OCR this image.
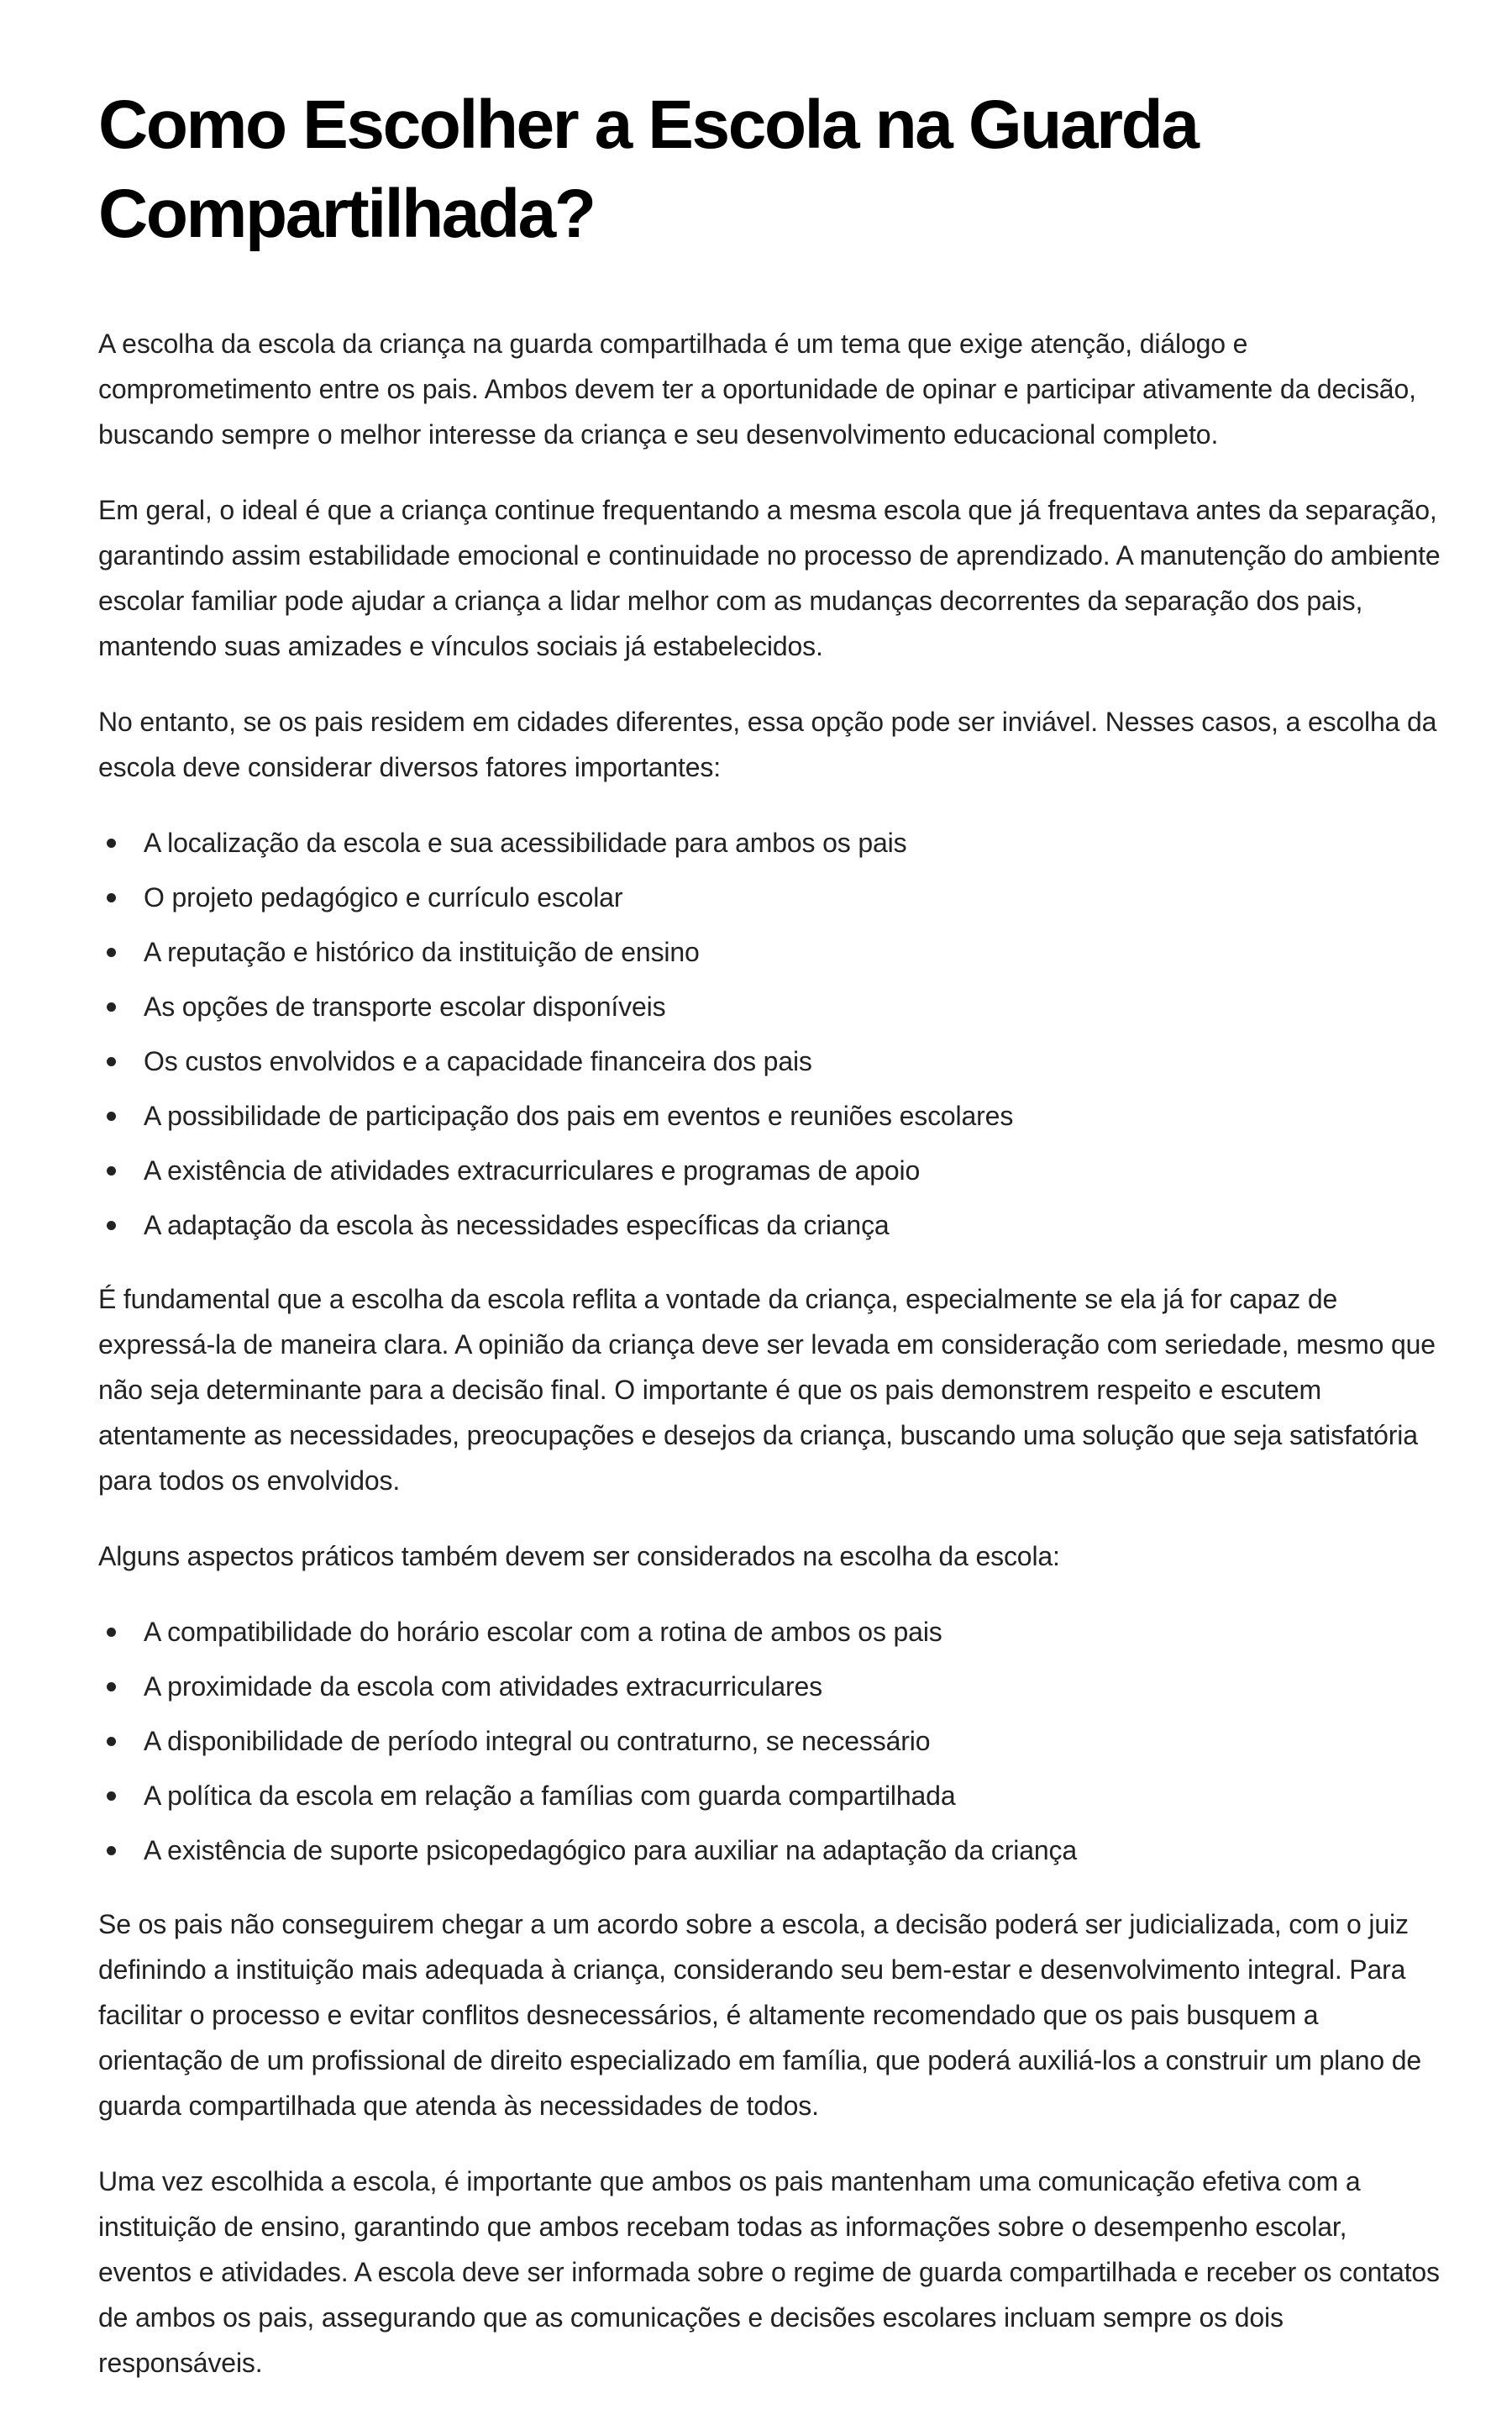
Como Escolher a Escola na Guarda Compartilhada?

A escolha da escola da criança na guarda compartilhada é um tema que exige atenção, diálogo e comprometimento entre os pais. Ambos devem ter a oportunidade de opinar e participar ativamente da decisão, buscando sempre o melhor interesse da criança e seu desenvolvimento educacional completo.

Em geral, o ideal é que a criança continue frequentando a mesma escola que já frequentava antes da separação, garantindo assim estabilidade emocional e continuidade no processo de aprendizado. A manutenção do ambiente escolar familiar pode ajudar a criança a lidar melhor com as mudanças decorrentes da separação dos pais, mantendo suas amizades e vínculos sociais já estabelecidos.

No entanto, se os pais residem em cidades diferentes, essa opção pode ser inviável. Nesses casos, a escolha da escola deve considerar diversos fatores importantes:

A localização da escola e sua acessibilidade para ambos os pais
O projeto pedagógico e currículo escolar
A reputação e histórico da instituição de ensino
As opções de transporte escolar disponíveis
Os custos envolvidos e a capacidade financeira dos pais
A possibilidade de participação dos pais em eventos e reuniões escolares
A existência de atividades extracurriculares e programas de apoio
A adaptação da escola às necessidades específicas da criança

É fundamental que a escolha da escola reflita a vontade da criança, especialmente se ela já for capaz de expressá-la de maneira clara. A opinião da criança deve ser levada em consideração com seriedade, mesmo que não seja determinante para a decisão final. O importante é que os pais demonstrem respeito e escutem atentamente as necessidades, preocupações e desejos da criança, buscando uma solução que seja satisfatória para todos os envolvidos.

Alguns aspectos práticos também devem ser considerados na escolha da escola:

A compatibilidade do horário escolar com a rotina de ambos os pais
A proximidade da escola com atividades extracurriculares
A disponibilidade de período integral ou contraturno, se necessário
A política da escola em relação a famílias com guarda compartilhada
A existência de suporte psicopedagógico para auxiliar na adaptação da criança

Se os pais não conseguirem chegar a um acordo sobre a escola, a decisão poderá ser judicializada, com o juiz definindo a instituição mais adequada à criança, considerando seu bem-estar e desenvolvimento integral. Para facilitar o processo e evitar conflitos desnecessários, é altamente recomendado que os pais busquem a orientação de um profissional de direito especializado em família, que poderá auxiliá-los a construir um plano de guarda compartilhada que atenda às necessidades de todos.

Uma vez escolhida a escola, é importante que ambos os pais mantenham uma comunicação efetiva com a instituição de ensino, garantindo que ambos recebam todas as informações sobre o desempenho escolar, eventos e atividades. A escola deve ser informada sobre o regime de guarda compartilhada e receber os contatos de ambos os pais, assegurando que as comunicações e decisões escolares incluam sempre os dois responsáveis.
